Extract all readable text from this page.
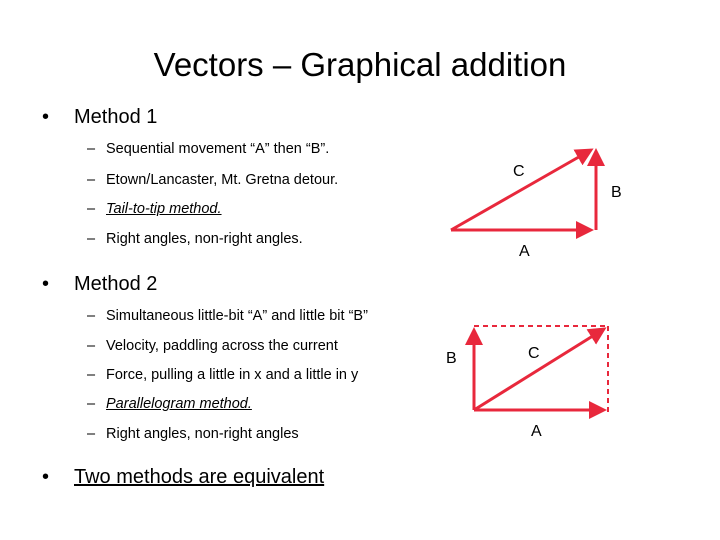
Vectors – Graphical addition
• Method 1
– Sequential movement “A” then “B”.
– Etown/Lancaster, Mt. Gretna detour.
– Tail-to-tip method.
– Right angles, non-right angles.
• Method 2
– Simultaneous little-bit “A” and little bit “B”
– Velocity, paddling across the current
– Force, pulling a little in x and a little in y
– Parallelogram method.
– Right angles, non-right angles
• Two methods are equivalent
C
B
A
B	C
A
